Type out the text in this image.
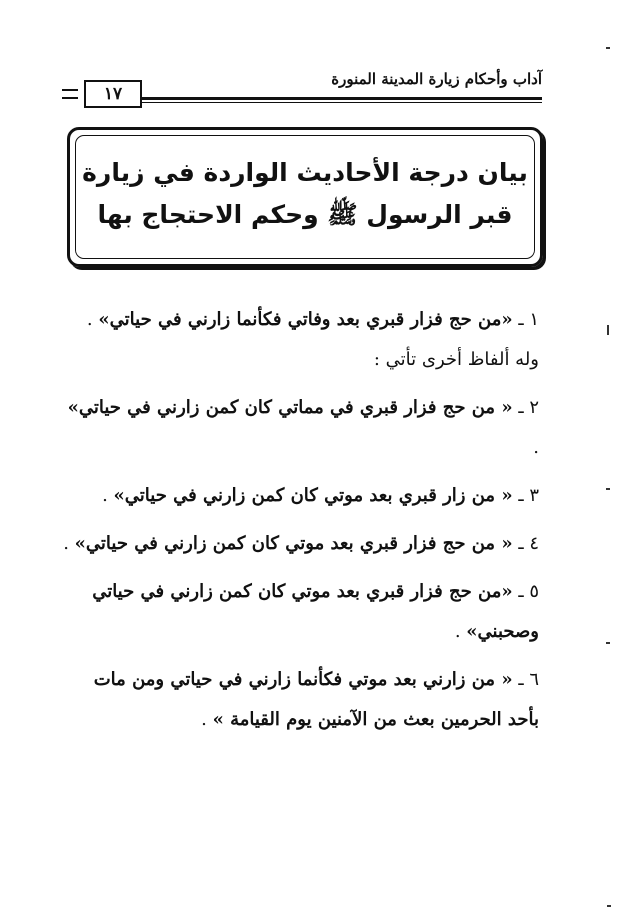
آداب وأحكام زيارة المدينة المنورة
١٧
بيان درجة الأحاديث الواردة في زيارة
قبر الرسول ﷺ وحكم الاحتجاج بها

١ ـ «من حج فزار قبري بعد وفاتي فكأنما زارني في حياتي» . وله ألفاظ أخرى تأتي :

٢ ـ « من حج فزار قبري في مماتي كان كمن زارني في حياتي» .

٣ ـ « من زار قبري بعد موتي كان كمن زارني في حياتي» .

٤ ـ « من حج فزار قبري بعد موتي كان كمن زارني في حياتي» .

٥ ـ «من حج فزار قبري بعد موتي كان كمن زارني في حياتي وصحبني» .

٦ ـ « من زارني بعد موتي فكأنما زارني في حياتي ومن مات بأحد الحرمين بعث من الآمنين يوم القيامة » .
